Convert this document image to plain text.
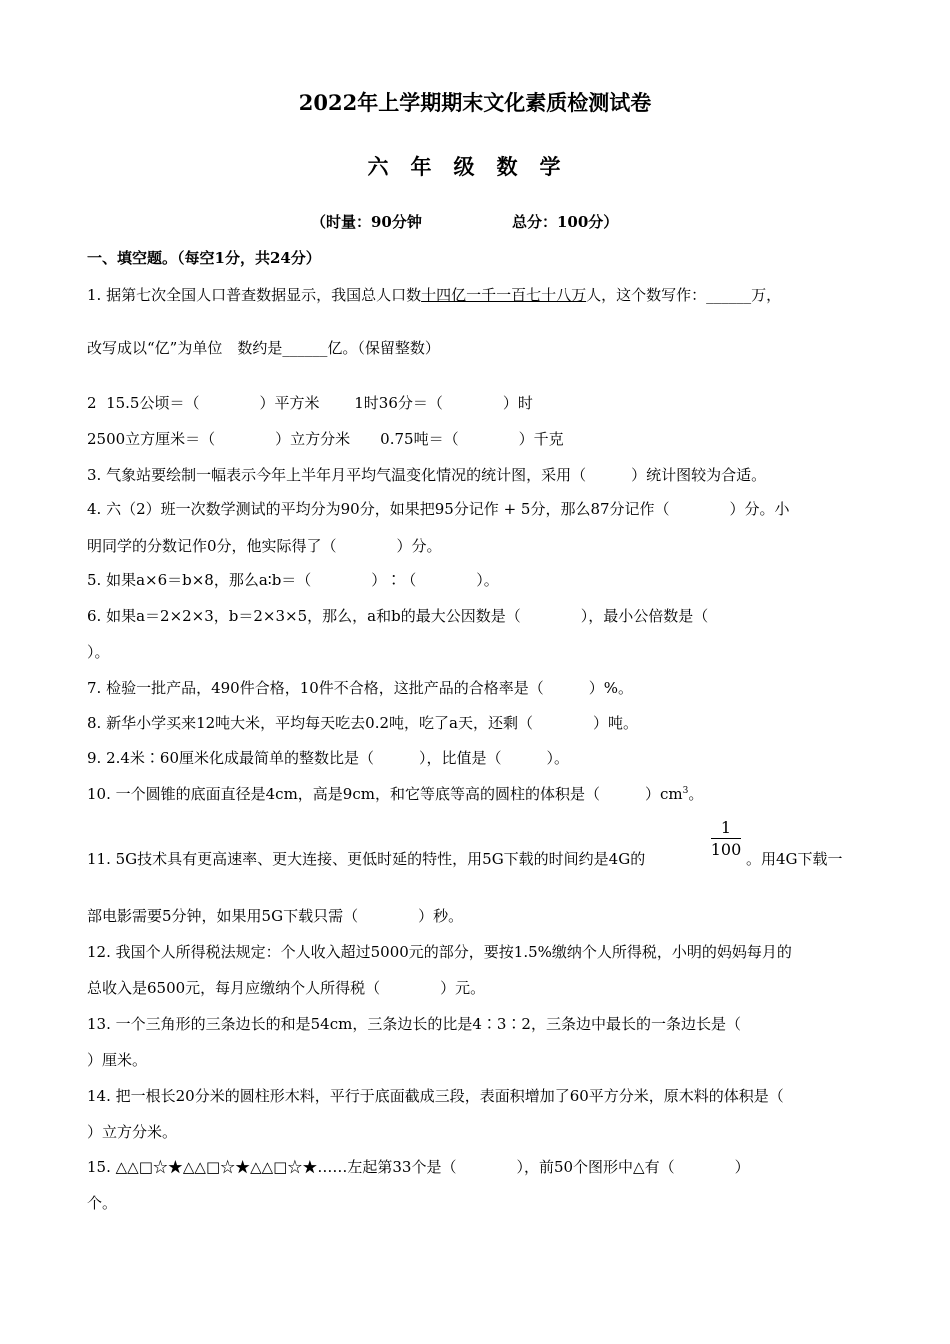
2022年上学期期末文化素质检测试卷
六年级数学
（时量：90分钟	总分：100分）
一、填空题。（每空1分，共24分）
1. 据第七次全国人口普查数据显示，我国总人口数十四亿一千一百七十八万人，这个数写作：______万，
改写成以“亿”为单位　数约是______亿。（保留整数）
2  15.5公顷＝（　　　　）平方米　　 1时36分＝（　　　　）时
2500立方厘米＝（　　　　）立方分米　　0.75吨＝（　　　　）千克
3. 气象站要绘制一幅表示今年上半年月平均气温变化情况的统计图，采用（　　　）统计图较为合适。
4. 六（2）班一次数学测试的平均分为90分，如果把95分记作 + 5分，那么87分记作（　　　　）分。小
明同学的分数记作0分，他实际得了（　　　　）分。
5. 如果a×6＝b×8，那么a∶b＝（　　　　）∶（　　　　）。
6. 如果a＝2×2×3，b＝2×3×5，那么，a和b的最大公因数是（　　　　），最小公倍数是（
）。
7. 检验一批产品，490件合格，10件不合格，这批产品的合格率是（　　　）%。
8. 新华小学买来12吨大米，平均每天吃去0.2吨，吃了a天，还剩（　　　　）吨。
9. 2.4米∶60厘米化成最简单的整数比是（　　　），比值是（　　　）。
10. 一个圆锥的底面直径是4cm，高是9cm，和它等底等高的圆柱的体积是（　　　）$cm^3$。
11. 5G技术具有更高速率、更大连接、更低时延的特性，用5G下载的时间约是4G的
1
100 。用4G下载一
部电影需要5分钟，如果用5G下载只需（　　　　）秒。
12. 我国个人所得税法规定：个人收入超过5000元的部分，要按1.5%缴纳个人所得税，小明的妈妈每月的
总收入是6500元，每月应缴纳个人所得税（　　　　）元。
13. 一个三角形的三条边长的和是54cm，三条边长的比是4∶3∶2，三条边中最长的一条边长是（
）厘米。
14. 把一根长20分米的圆柱形木料，平行于底面截成三段，表面积增加了60平方分米，原木料的体积是（
）立方分米。
15. △△□☆★△△□☆★△△□☆★……左起第33个是（　　　　），前50个图形中△有（　　　　）
个。
